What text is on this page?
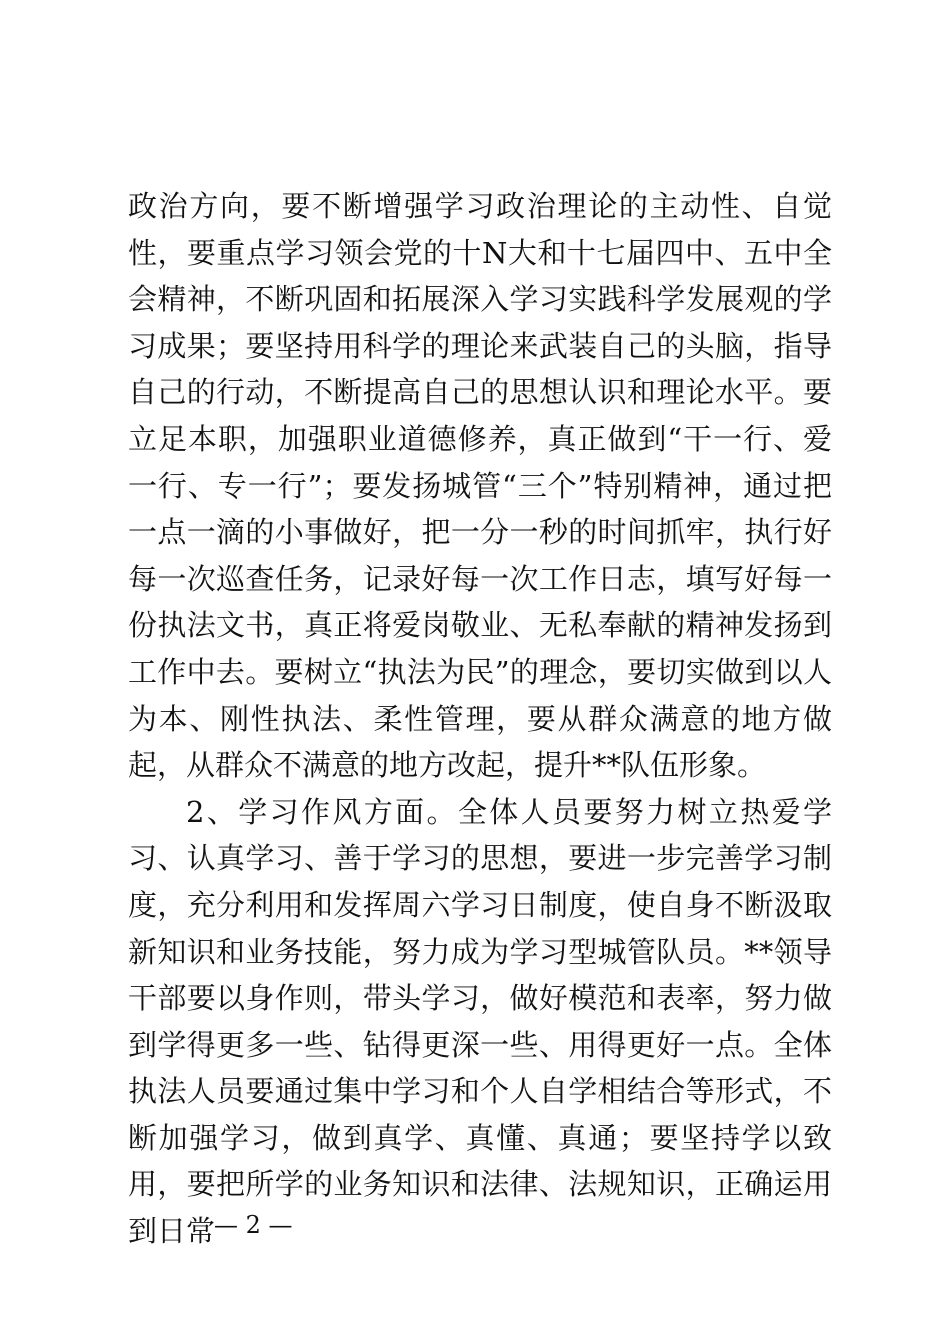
政治方向，要不断增强学习政治理论的主动性、自觉性，要重点学习领会党的十N大和十七届四中、五中全会精神，不断巩固和拓展深入学习实践科学发展观的学习成果；要坚持用科学的理论来武装自己的头脑，指导自己的行动，不断提高自己的思想认识和理论水平。要立足本职，加强职业道德修养，真正做到“干一行、爱一行、专一行”；要发扬城管“三个”特别精神，通过把一点一滴的小事做好，把一分一秒的时间抓牢，执行好每一次巡查任务，记录好每一次工作日志，填写好每一份执法文书，真正将爱岗敬业、无私奉献的精神发扬到工作中去。要树立“执法为民”的理念，要切实做到以人为本、刚性执法、柔性管理，要从群众满意的地方做起，从群众不满意的地方改起，提升**队伍形象。

2、学习作风方面。全体人员要努力树立热爱学习、认真学习、善于学习的思想，要进一步完善学习制度，充分利用和发挥周六学习日制度，使自身不断汲取新知识和业务技能，努力成为学习型城管队员。**领导干部要以身作则，带头学习，做好模范和表率，努力做到学得更多一些、钻得更深一些、用得更好一点。全体执法人员要通过集中学习和个人自学相结合等形式，不断加强学习，做到真学、真懂、真通；要坚持学以致用，要把所学的业务知识和法律、法规知识，正确运用到日常

— 2 —
